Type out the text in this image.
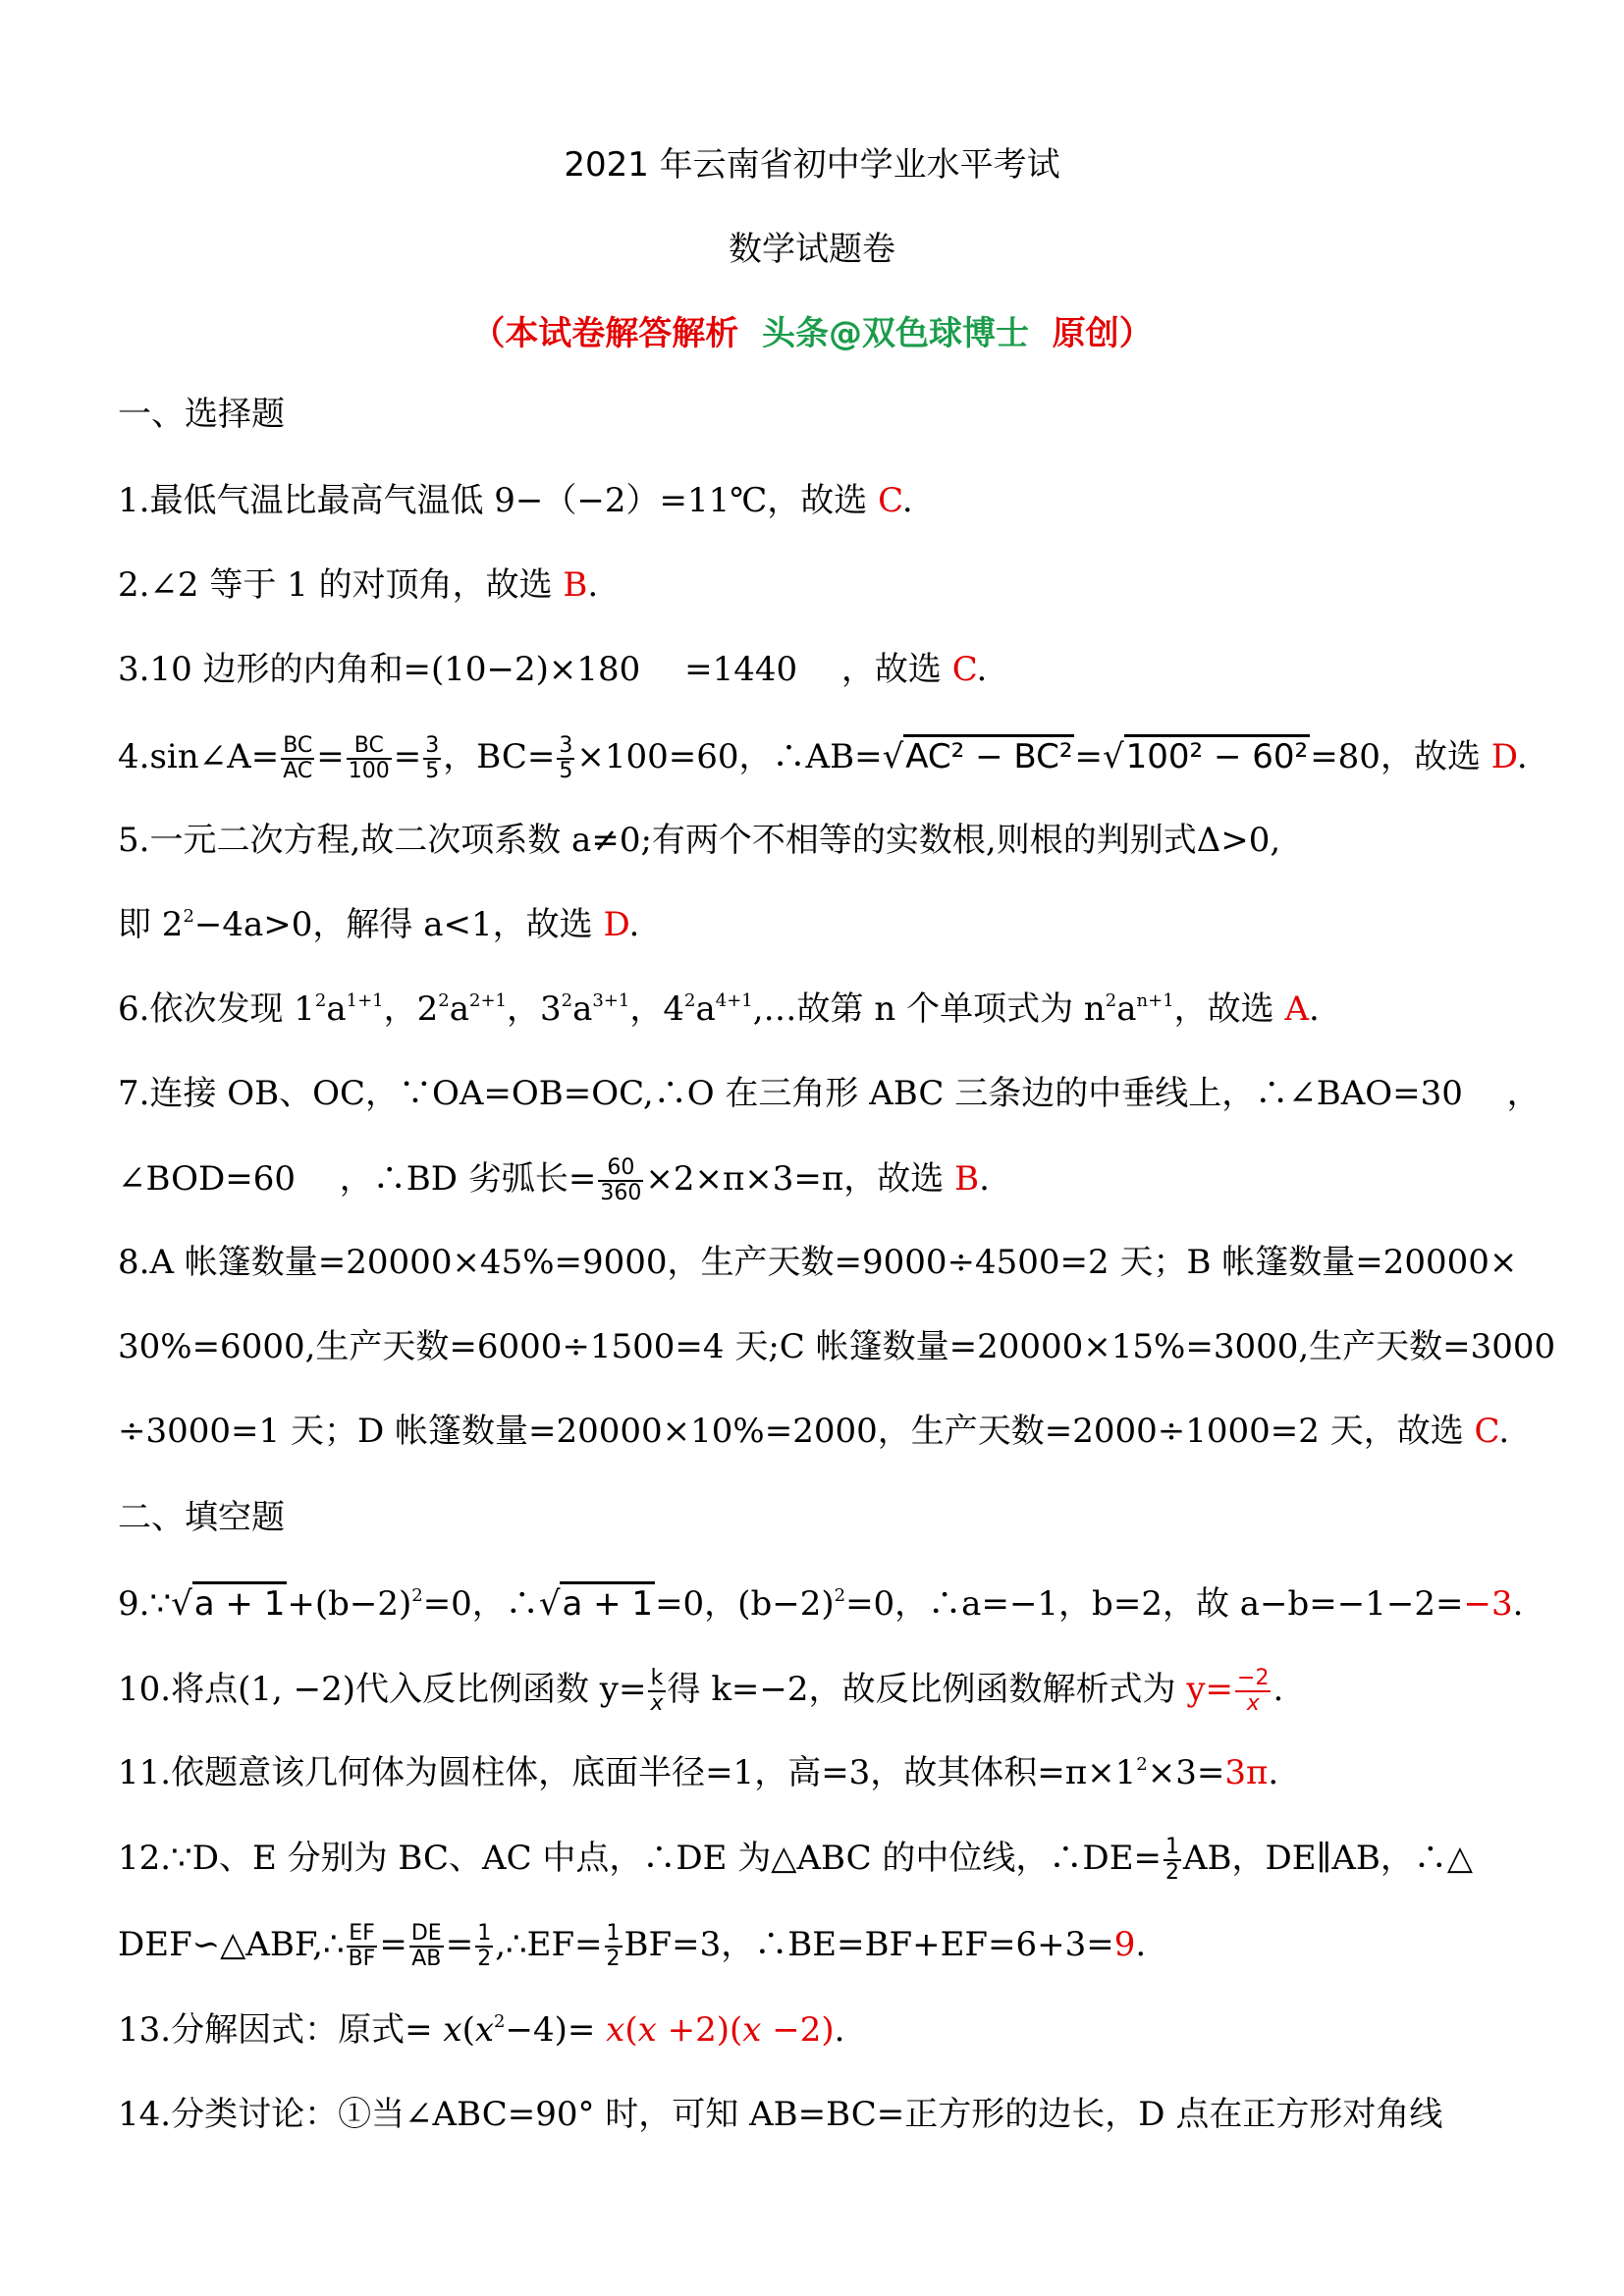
2021 年云南省初中学业水平考试
数学试题卷
（本试卷解答解析 头条@双色球博士 原创）
一、选择题
1.最低气温比最高气温低 9−（−2）=11℃，故选 C.
2.∠2 等于 1 的对顶角，故选 B.
3.10 边形的内角和=(10−2)×180　 =1440　 ，故选 C.
4.sin∠A= $\frac{BC}{AC} = \frac{BC}{100} = \frac{3}{5}$ ，$BC= \frac{3}{5} \times 100=60$，∴AB=√AC² − BC²=√100² − 60²=80，故选 D.
5.一元二次方程,故二次项系数 a≠0;有两个不相等的实数根,则根的判别式Δ>0,
即 $2^2-4a>0$，解得 a<1，故选 D.
6.依次发现 $1^2a^{1+1}$，$2^2a^{2+1}$，$3^2a^{3+1}$，$4^2a^{4+1},\dots$故第 n 个单项式为 $n^2a^{n+1}$，故选 A.
7.连接 OB、OC，∵OA=OB=OC,∴O 在三角形 ABC 三条边的中垂线上，∴∠BAO=30　 ，
∠BOD=60　 ，∴BD 劣弧长= $\frac{60}{360} \times 2\times\pi\times 3=\pi$，故选 B.
8.A 帐篷数量=20000×45%=9000，生产天数=9000÷4500=2 天；B 帐篷数量=20000×
30%=6000,生产天数=6000÷1500=4 天;C 帐篷数量=20000×15%=3000,生产天数=3000
÷3000=1 天；D 帐篷数量=20000×10%=2000，生产天数=2000÷1000=2 天，故选 C.
二、填空题
9.∵√a + $1+(b-2)^2=0$，∴√a + 1=0，$(b-2)^2=0$，∴a=−1，b=2，故 a−b=−1−2=−3.
10.将点(1, −2)代入反比例函数 $y= \frac{k}{x}$ 得 k=−2，故反比例函数解析式为 $y= \frac{-2}{x}$ .
11.依题意该几何体为圆柱体，底面半径=1，高=3，故其体积$=\pi\times 1^2\times 3=3\pi$.
12.∵D、E 分别为 BC、AC 中点，∴DE 为△ABC 的中位线，∴DE= $\frac{1}{2}$ AB，DE∥AB，∴△
DEF∽△ABF,∴ $\frac{EF}{BF} = \frac{DE}{AB} = \frac{1}{2}$ ,∴EF= $\frac{1}{2} BF=3$，∴BE=BF+EF=6+3=9.
13.分解因式：原式= $x(x^2-4)= x(x +2)(x -2)$.
14.分类讨论：①当∠ABC=90° 时，可知 AB=BC=正方形的边长，D 点在正方形对角线
